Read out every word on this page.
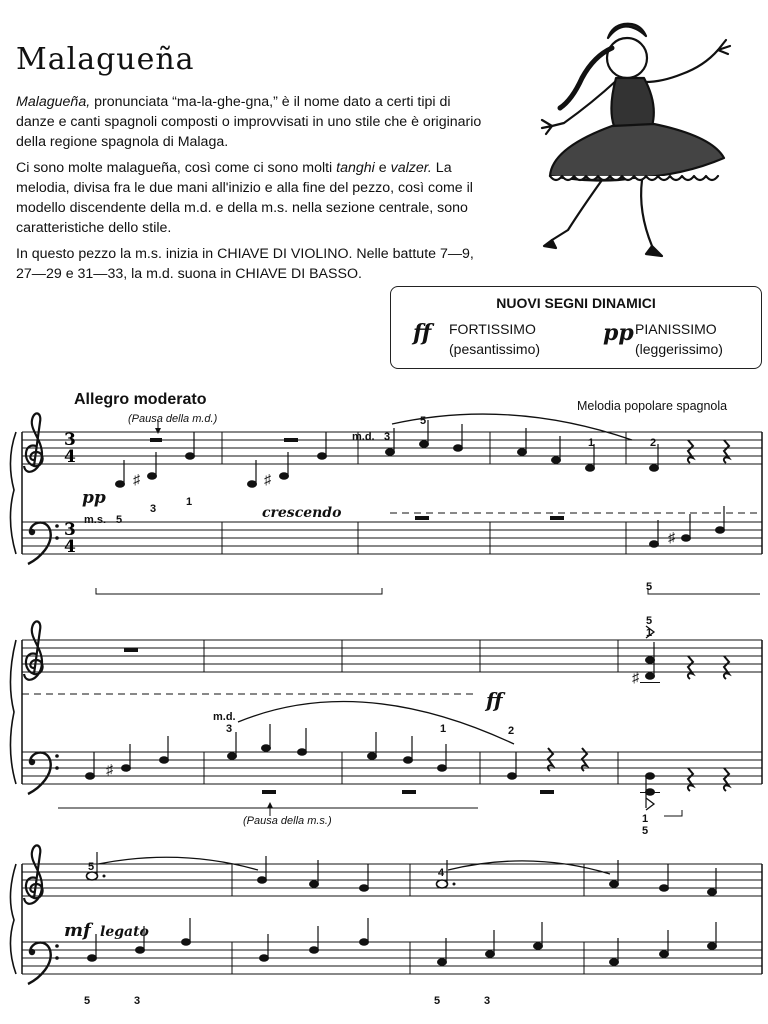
Malagueña

Malagueña, pronunciata “ma-la-ghe-gna,” è il nome dato a certi tipi di danze e canti spagnoli composti o improvvisati in uno stile che è originario della regione spagnola di Malaga.

Ci sono molte malagueña, così come ci sono molti tanghi e valzer. La melodia, divisa fra le due mani all'inizio e alla fine del pezzo, così come il modello discendente della m.d. e della m.s. nella sezione centrale, sono caratteristiche dello stile.

In questo pezzo la m.s. inizia in CHIAVE DI VIOLINO. Nelle battute 7—9, 27—29 e 31—33, la m.d. suona in CHIAVE DI BASSO.

NUOVI SEGNI DINAMICI
ff FORTISSIMO
(pesantissimo)
pp PIANISSIMO
(leggerissimo)
3
4
3
4
♯	♯
♯
♯
♯
Allegro moderato	Melodia popolare spagnola
(Pausa della m.d.)
(Pausa della m.s.)
crescendo
pp
ff
mf legato
m.s.
m.d.
m.d.
5
3
1
3
5
1	2
5
3	1	2
5
1
1
5
5	4
5	3	5	3
